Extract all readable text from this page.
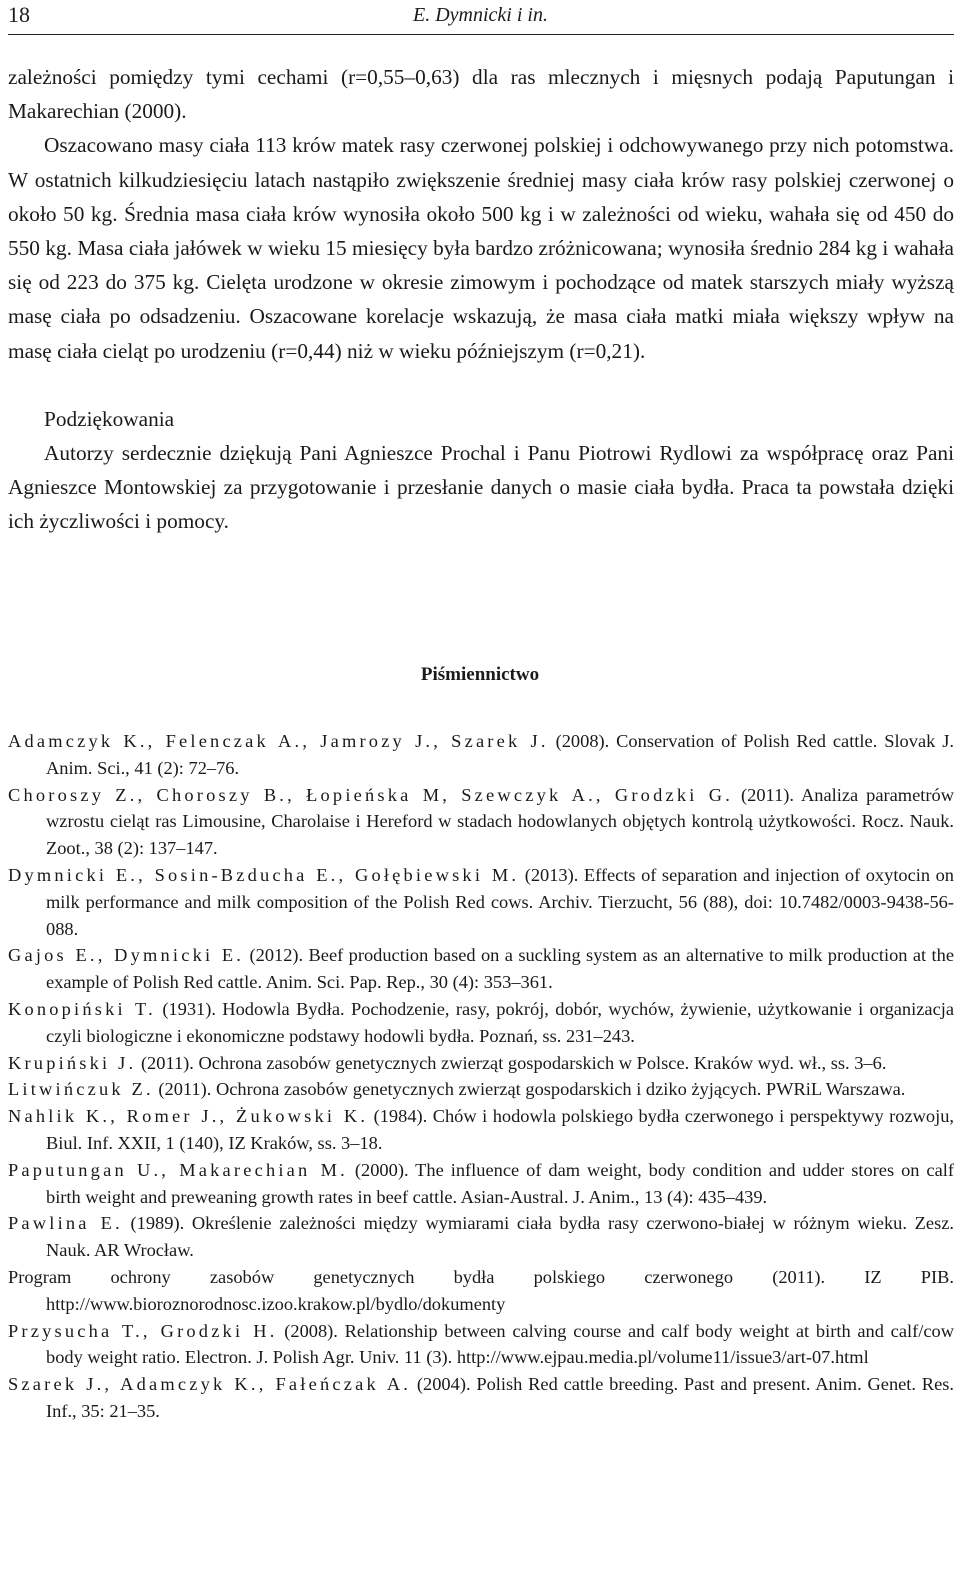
18	E. Dymnicki i in.

zależności pomiędzy tymi cechami (r=0,55–0,63) dla ras mlecznych i mięsnych podają Paputungan i Makarechian (2000).

Oszacowano masy ciała 113 krów matek rasy czerwonej polskiej i odchowywanego przy nich potomstwa. W ostatnich kilkudziesięciu latach nastąpiło zwiększenie średniej masy ciała krów rasy polskiej czerwonej o około 50 kg. Średnia masa ciała krów wynosiła około 500 kg i w zależności od wieku, wahała się od 450 do 550 kg. Masa ciała jałówek w wieku 15 miesięcy była bardzo zróżnicowana; wynosiła średnio 284 kg i wahała się od 223 do 375 kg. Cielęta urodzone w okresie zimowym i pochodzące od matek starszych miały wyższą masę ciała po odsadzeniu. Oszacowane korelacje wskazują, że masa ciała matki miała większy wpływ na masę ciała cieląt po urodzeniu (r=0,44) niż w wieku późniejszym (r=0,21).

Podziękowania

Autorzy serdecznie dziękują Pani Agnieszce Prochal i Panu Piotrowi Rydlowi za współpracę oraz Pani Agnieszce Montowskiej za przygotowanie i przesłanie danych o masie ciała bydła. Praca ta powstała dzięki ich życzliwości i pomocy.

Piśmiennictwo
Adamczyk K., Felenczak A., Jamrozy J., Szarek J. (2008). Conservation of Polish Red cattle. Slovak J. Anim. Sci., 41 (2): 72–76.
Choroszy Z., Choroszy B., Łopieńska M, Szewczyk A., Grodzki G. (2011). Analiza parametrów wzrostu cieląt ras Limousine, Charolaise i Hereford w stadach hodowlanych objętych kontrolą użytkowości. Rocz. Nauk. Zoot., 38 (2): 137–147.
Dymnicki E., Sosin-Bzducha E., Gołębiewski M. (2013). Effects of separation and injection of oxytocin on milk performance and milk composition of the Polish Red cows. Archiv. Tierzucht, 56 (88), doi: 10.7482/0003-9438-56-088.
Gajos E., Dymnicki E. (2012). Beef production based on a suckling system as an alternative to milk production at the example of Polish Red cattle. Anim. Sci. Pap. Rep., 30 (4): 353–361.
Konopiński T. (1931). Hodowla Bydła. Pochodzenie, rasy, pokrój, dobór, wychów, żywienie, użytkowanie i organizacja czyli biologiczne i ekonomiczne podstawy hodowli bydła. Poznań, ss. 231–243.
Krupiński J. (2011). Ochrona zasobów genetycznych zwierząt gospodarskich w Polsce. Kraków wyd. wł., ss. 3–6.
Litwińczuk Z. (2011). Ochrona zasobów genetycznych zwierząt gospodarskich i dziko żyjących. PWRiL Warszawa.
Nahlik K., Romer J., Żukowski K. (1984). Chów i hodowla polskiego bydła czerwonego i perspektywy rozwoju, Biul. Inf. XXII, 1 (140), IZ Kraków, ss. 3–18.
Paputungan U., Makarechian M. (2000). The influence of dam weight, body condition and udder stores on calf birth weight and preweaning growth rates in beef cattle. Asian-Austral. J. Anim., 13 (4): 435–439.
Pawlina E. (1989). Określenie zależności między wymiarami ciała bydła rasy czerwono-białej w różnym wieku. Zesz. Nauk. AR Wrocław.
Program ochrony zasobów genetycznych bydła polskiego czerwonego (2011). IZ PIB. http://www.bioroznorodnosc.izoo.krakow.pl/bydlo/dokumenty
Przysucha T., Grodzki H. (2008). Relationship between calving course and calf body weight at birth and calf/cow body weight ratio. Electron. J. Polish Agr. Univ. 11 (3). http://www.ejpau.media.pl/volume11/issue3/art-07.html
Szarek J., Adamczyk K., Fałeńczak A. (2004). Polish Red cattle breeding. Past and present. Anim. Genet. Res. Inf., 35: 21–35.
